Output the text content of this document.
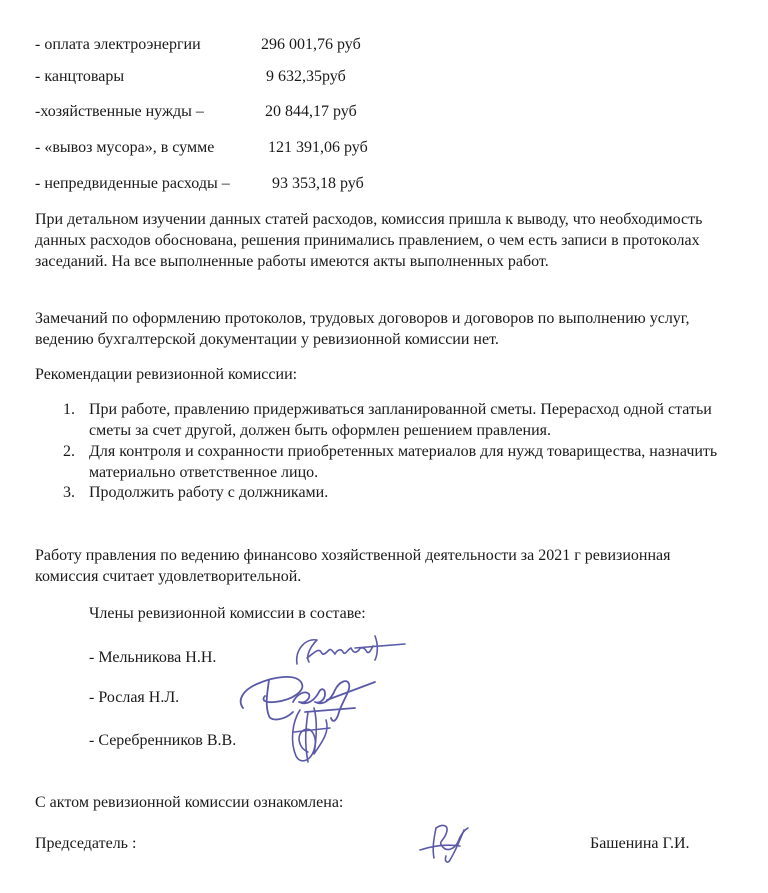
- оплата электроэнергии	296 001,76 руб
- канцтовары	9 632,35руб
-хозяйственные нужды –	20 844,17 руб
- «вывоз мусора», в сумме	121 391,06 руб
- непредвиденные расходы –	93 353,18 руб
При детальном изучении данных статей расходов, комиссия пришла к выводу, что необходимость данных расходов обоснована, решения принимались правлением, о чем есть записи в протоколах заседаний. На все выполненные работы имеются акты выполненных работ.
Замечаний по оформлению протоколов, трудовых договоров и договоров по выполнению услуг, ведению бухгалтерской документации у ревизионной комиссии нет.
Рекомендации ревизионной комиссии:
1. При работе, правлению придерживаться запланированной сметы. Перерасход одной статьи сметы за счет другой, должен быть оформлен решением правления.
2. Для контроля и сохранности приобретенных материалов для нужд товарищества, назначить материально ответственное лицо.
3. Продолжить работу с должниками.
Работу правления по ведению финансово хозяйственной деятельности за 2021 г ревизионная комиссия считает удовлетворительной.
Члены ревизионной комиссии в составе:
- Мельникова Н.Н.
- Рослая Н.Л.
- Серебренников В.В.
С актом ревизионной комиссии ознакомлена:
Председатель :	Башенина Г.И.
